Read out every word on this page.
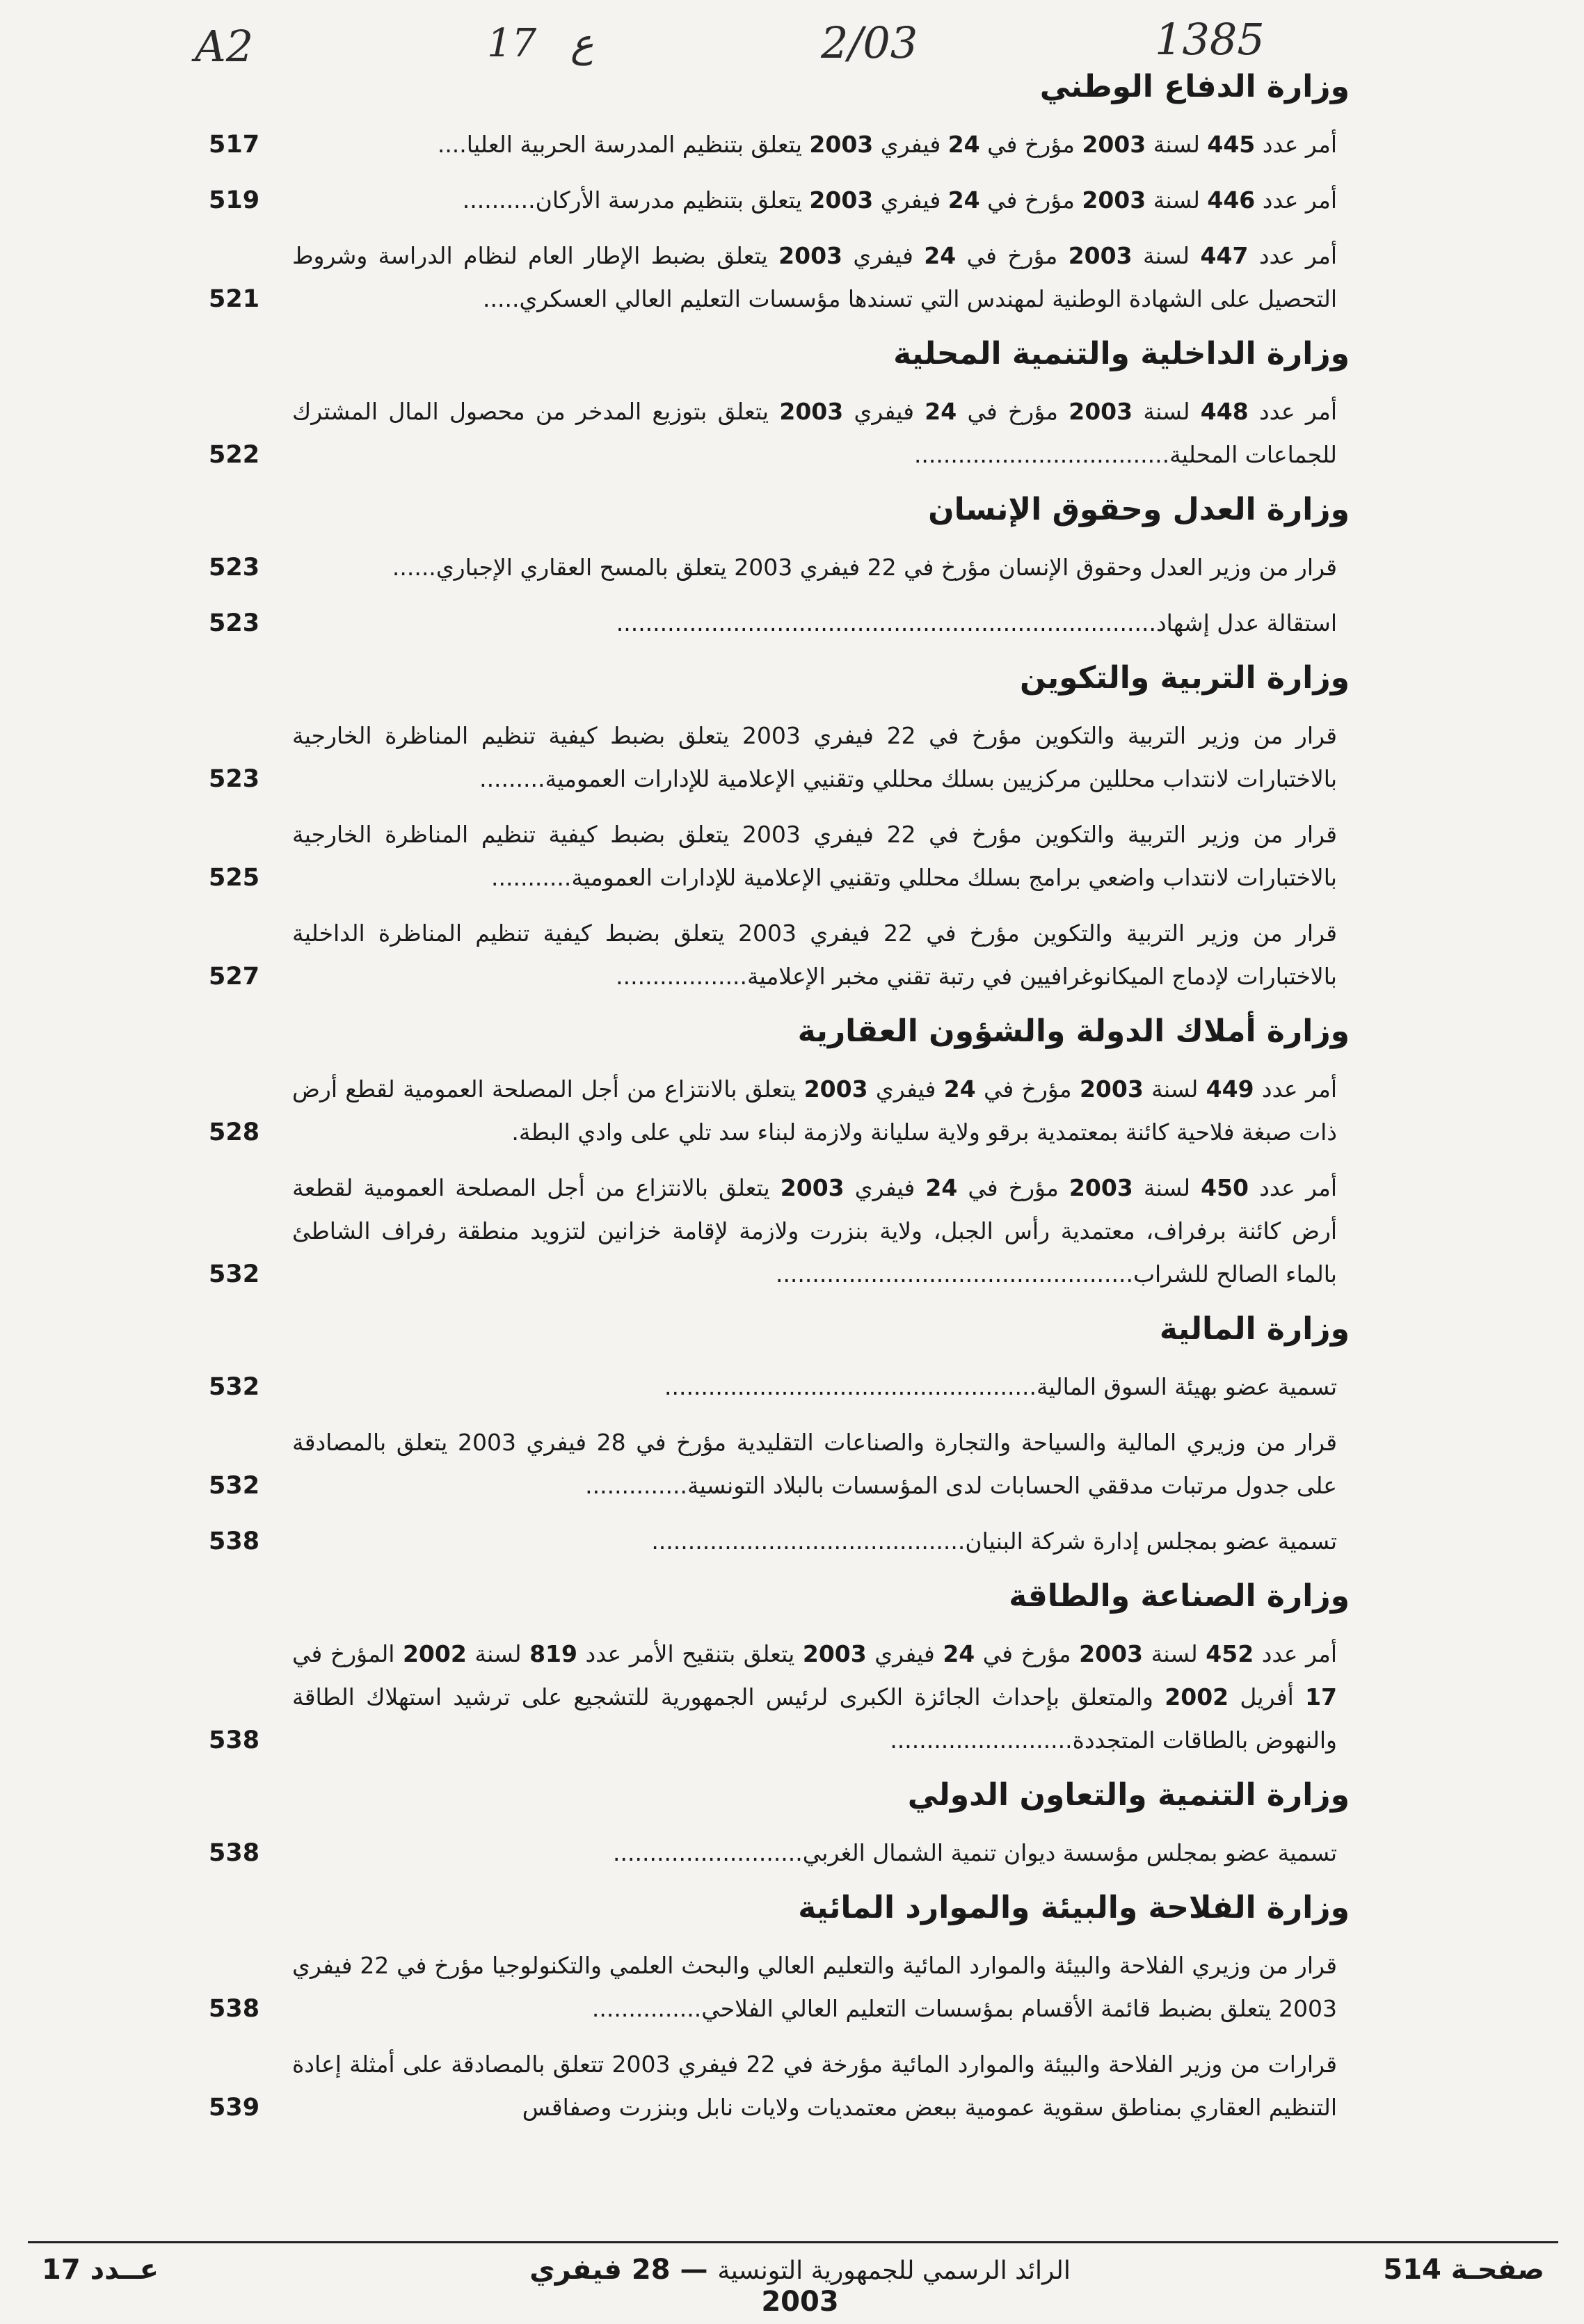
A2	17 ع	2/03	1385
وزارة الدفاع الوطني
أمر عدد 445 لسنة 2003 مؤرخ في 24 فيفري 2003 يتعلق بتنظيم المدرسة الحربية العليا....
517
أمر عدد 446 لسنة 2003 مؤرخ في 24 فيفري 2003 يتعلق بتنظيم مدرسة الأركان..........
519
أمر عدد 447 لسنة 2003 مؤرخ في 24 فيفري 2003 يتعلق بضبط الإطار العام لنظام الدراسة وشروط التحصيل على الشهادة الوطنية لمهندس التي تسندها مؤسسات التعليم العالي العسكري.....
521
وزارة الداخلية والتنمية المحلية
أمر عدد 448 لسنة 2003 مؤرخ في 24 فيفري 2003 يتعلق بتوزيع المدخر من محصول المال المشترك للجماعات المحلية...................................
522
وزارة العدل وحقوق الإنسان
قرار من وزير العدل وحقوق الإنسان مؤرخ في 22 فيفري 2003 يتعلق بالمسح العقاري الإجباري......
523
استقالة عدل إشهاد..........................................................................
523
وزارة التربية والتكوين
قرار من وزير التربية والتكوين مؤرخ في 22 فيفري 2003 يتعلق بضبط كيفية تنظيم المناظرة الخارجية بالاختبارات لانتداب محللين مركزيين بسلك محللي وتقنيي الإعلامية للإدارات العمومية.........
523
قرار من وزير التربية والتكوين مؤرخ في 22 فيفري 2003 يتعلق بضبط كيفية تنظيم المناظرة الخارجية بالاختبارات لانتداب واضعي برامج بسلك محللي وتقنيي الإعلامية للإدارات العمومية...........
525
قرار من وزير التربية والتكوين مؤرخ في 22 فيفري 2003 يتعلق بضبط كيفية تنظيم المناظرة الداخلية بالاختبارات لإدماج الميكانوغرافيين في رتبة تقني مخبر الإعلامية..................
527
وزارة أملاك الدولة والشؤون العقارية
أمر عدد 449 لسنة 2003 مؤرخ في 24 فيفري 2003 يتعلق بالانتزاع من أجل المصلحة العمومية لقطع أرض ذات صبغة فلاحية كائنة بمعتمدية برقو ولاية سليانة ولازمة لبناء سد تلي على وادي البطة.
528
أمر عدد 450 لسنة 2003 مؤرخ في 24 فيفري 2003 يتعلق بالانتزاع من أجل المصلحة العمومية لقطعة أرض كائنة برفراف، معتمدية رأس الجبل، ولاية بنزرت ولازمة لإقامة خزانين لتزويد منطقة رفراف الشاطئ بالماء الصالح للشراب.................................................
532
وزارة المالية
تسمية عضو بهيئة السوق المالية...................................................
532
قرار من وزيري المالية والسياحة والتجارة والصناعات التقليدية مؤرخ في 28 فيفري 2003 يتعلق بالمصادقة على جدول مرتبات مدققي الحسابات لدى المؤسسات بالبلاد التونسية..............
532
تسمية عضو بمجلس إدارة شركة البنيان...........................................
538
وزارة الصناعة والطاقة
أمر عدد 452 لسنة 2003 مؤرخ في 24 فيفري 2003 يتعلق بتنقيح الأمر عدد 819 لسنة 2002 المؤرخ في 17 أفريل 2002 والمتعلق بإحداث الجائزة الكبرى لرئيس الجمهورية للتشجيع على ترشيد استهلاك الطاقة والنهوض بالطاقات المتجددة.........................
538
وزارة التنمية والتعاون الدولي
تسمية عضو بمجلس مؤسسة ديوان تنمية الشمال الغربي..........................
538
وزارة الفلاحة والبيئة والموارد المائية
قرار من وزيري الفلاحة والبيئة والموارد المائية والتعليم العالي والبحث العلمي والتكنولوجيا مؤرخ في 22 فيفري 2003 يتعلق بضبط قائمة الأقسام بمؤسسات التعليم العالي الفلاحي...............
538
قرارات من وزير الفلاحة والبيئة والموارد المائية مؤرخة في 22 فيفري 2003 تتعلق بالمصادقة على أمثلة إعادة التنظيم العقاري بمناطق سقوية عمومية ببعض معتمديات ولايات نابل وبنزرت وصفاقس
539
عــدد 17	الرائد الرسمي للجمهورية التونسية — 28 فيفري 2003
صفحـة 514
